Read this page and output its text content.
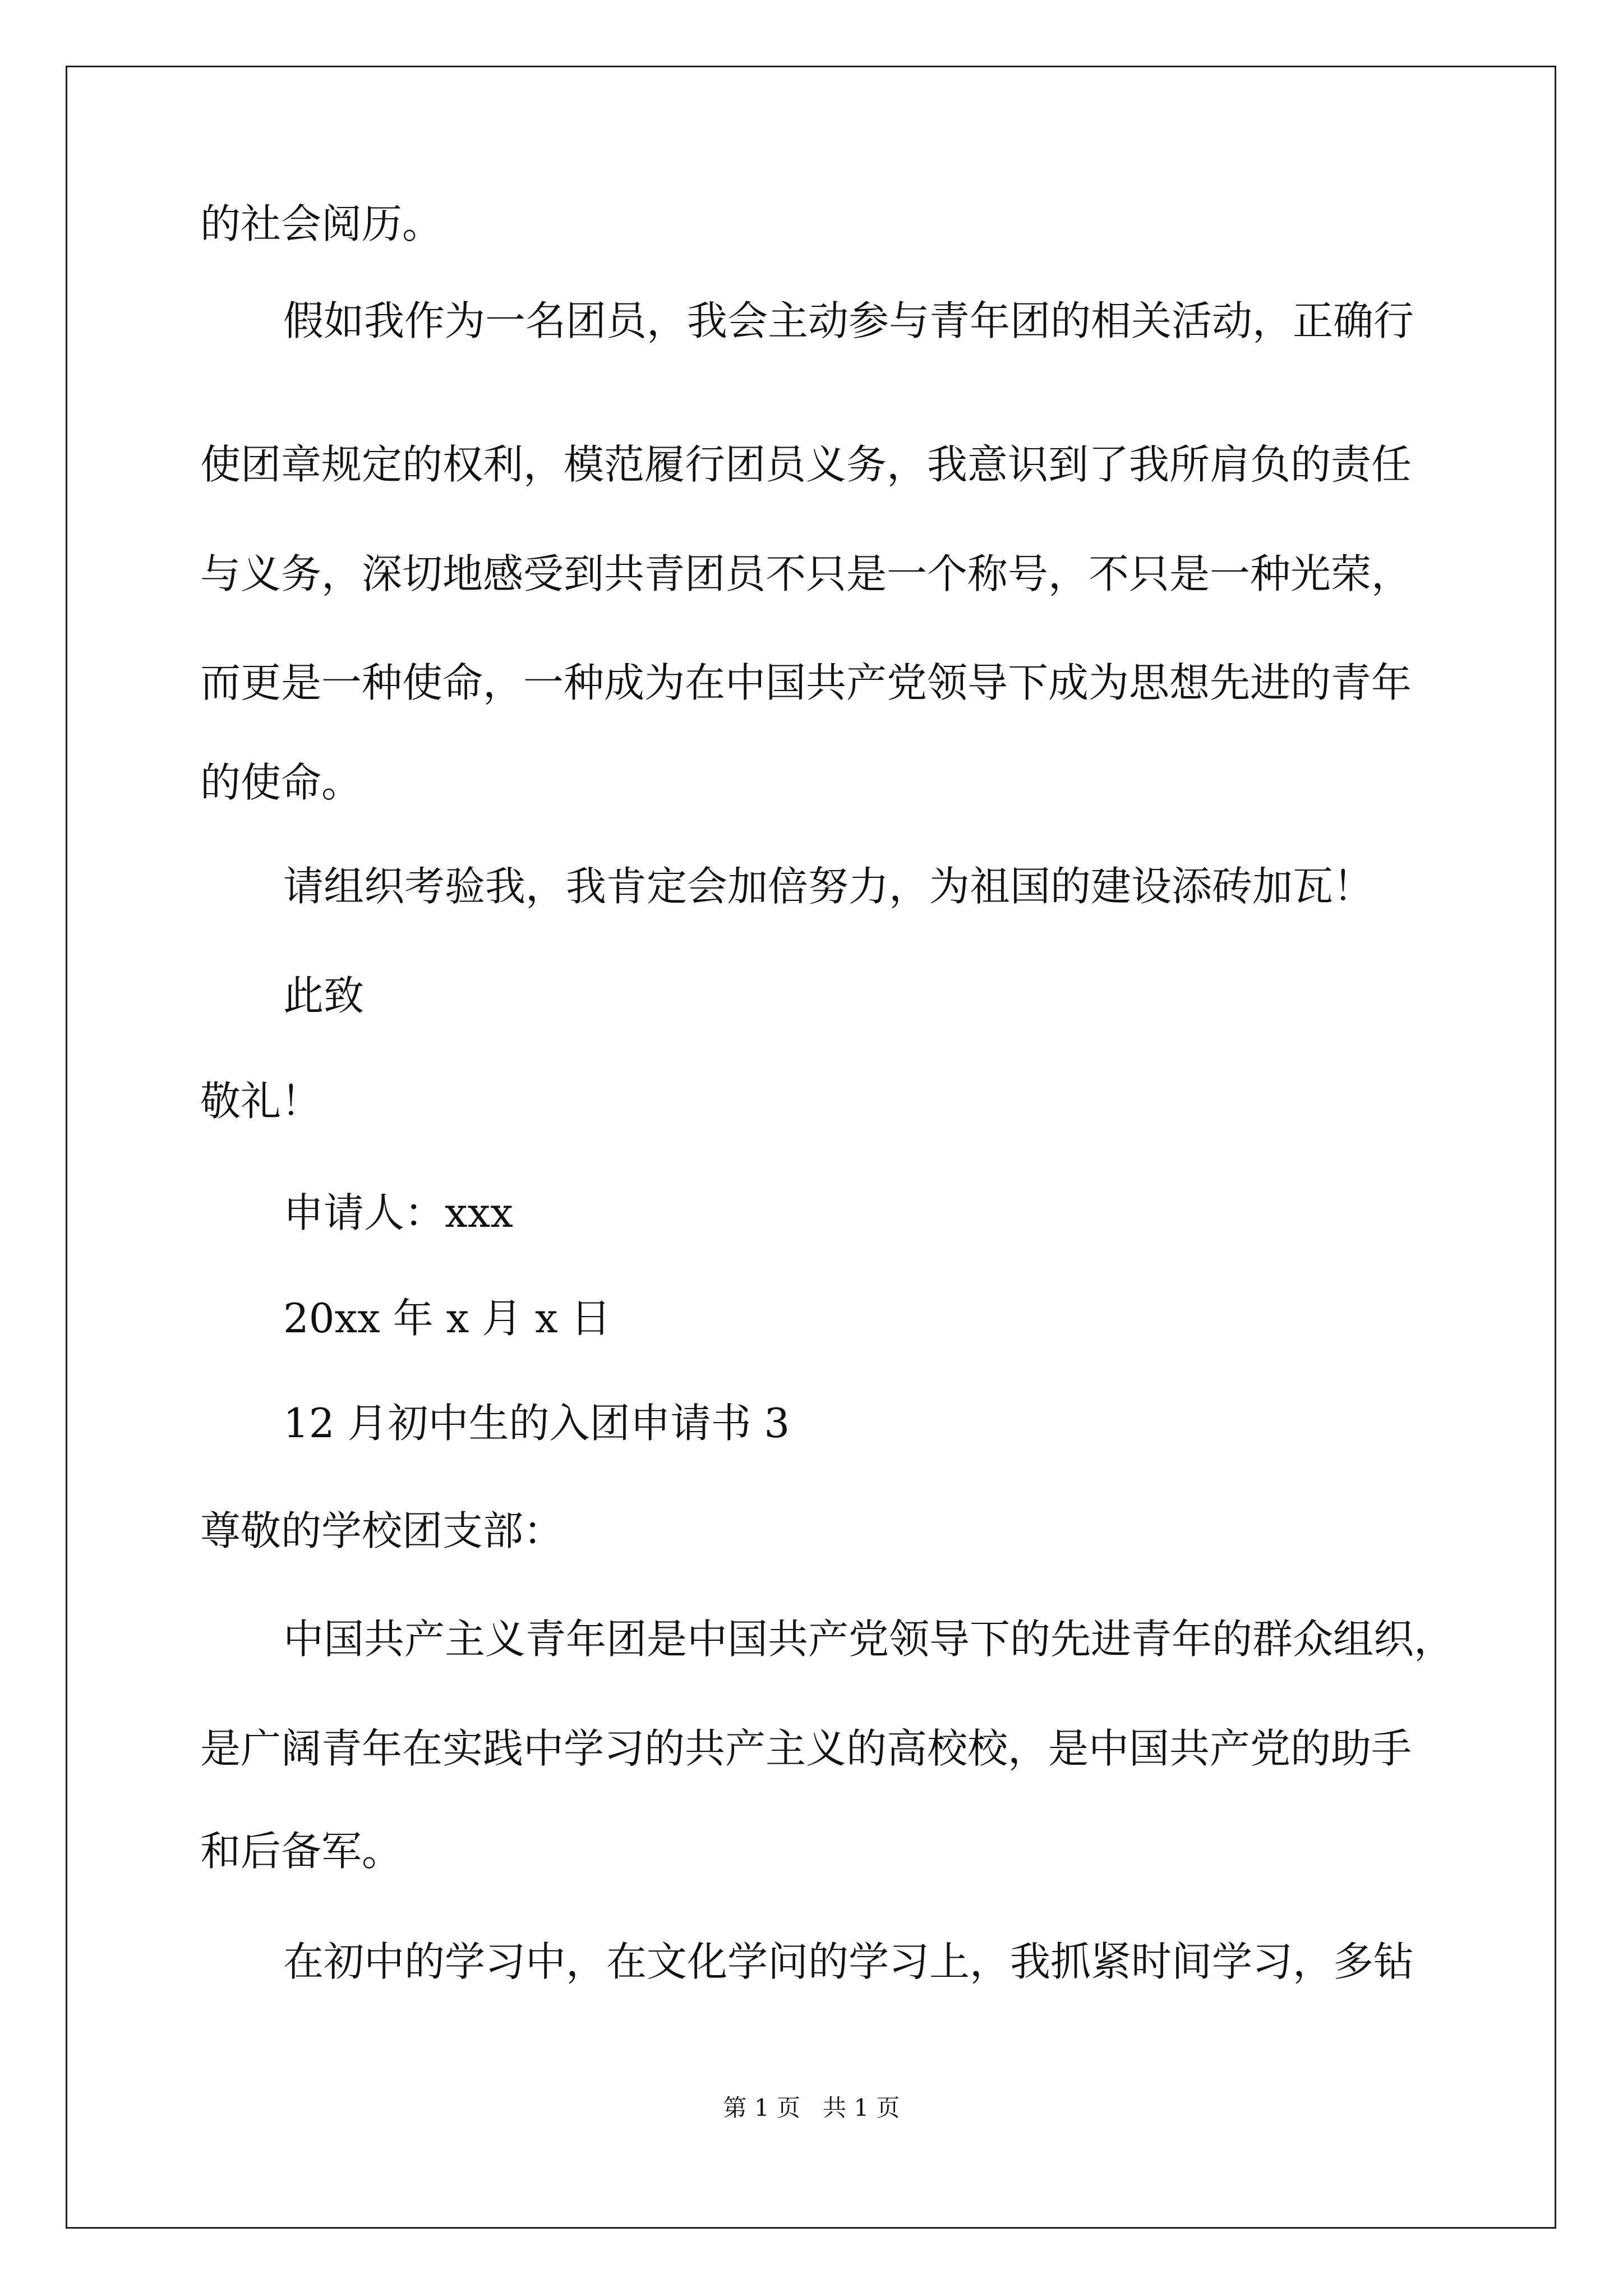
的社会阅历。
假如我作为一名团员，我会主动参与青年团的相关活动，正确行
使团章规定的权利，模范履行团员义务，我意识到了我所肩负的责任
与义务，深切地感受到共青团员不只是一个称号，不只是一种光荣，
而更是一种使命，一种成为在中国共产党领导下成为思想先进的青年
的使命。
请组织考验我，我肯定会加倍努力，为祖国的建设添砖加瓦！
此致
敬礼！
申请人：xxx
20xx 年 x 月 x 日
12 月初中生的入团申请书 3
尊敬的学校团支部：
中国共产主义青年团是中国共产党领导下的先进青年的群众组织，
是广阔青年在实践中学习的共产主义的高校校，是中国共产党的助手
和后备军。
在初中的学习中，在文化学问的学习上，我抓紧时间学习，多钻
第 1 页   共 1 页
